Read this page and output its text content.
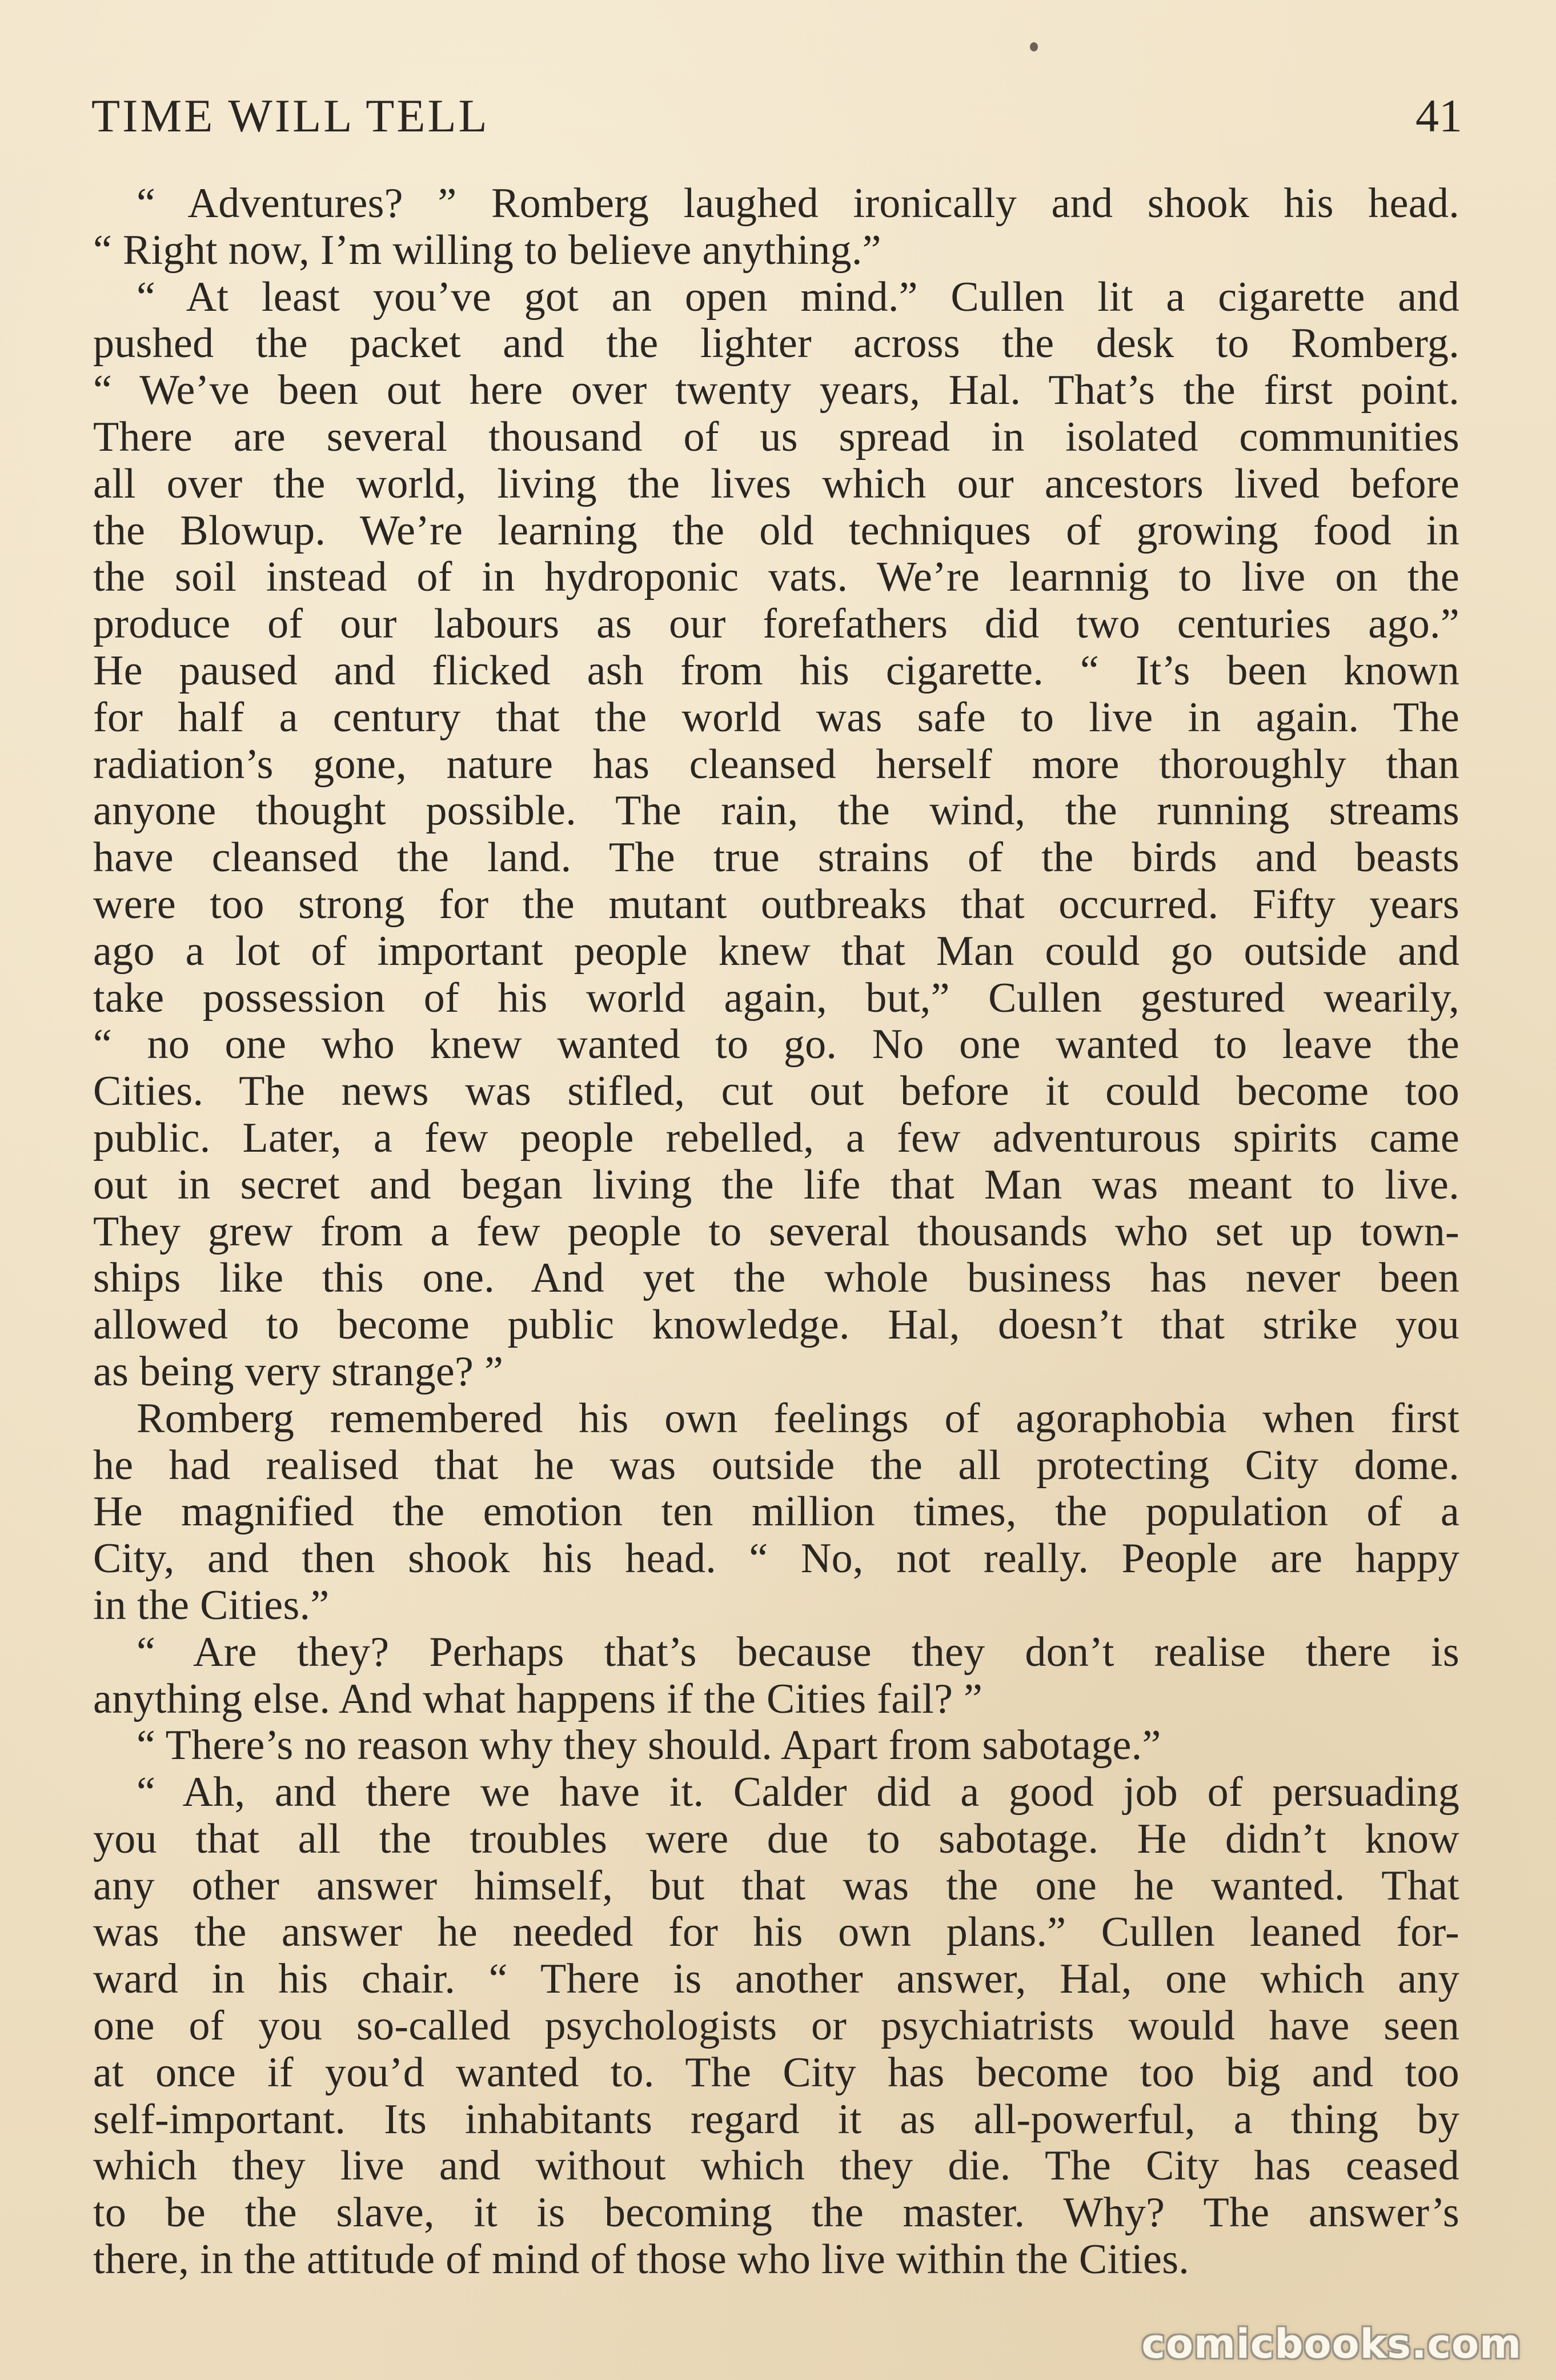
TIME WILL TELL	41
“ Adventures? ” Romberg laughed ironically and shook his head.
“ Right now, I’m willing to believe anything.”
“ At least you’ve got an open mind.” Cullen lit a cigarette and
pushed the packet and the lighter across the desk to Romberg.
“ We’ve been out here over twenty years, Hal. That’s the first point.
There are several thousand of us spread in isolated communities
all over the world, living the lives which our ancestors lived before
the Blowup. We’re learning the old techniques of growing food in
the soil instead of in hydroponic vats. We’re learnnig to live on the
produce of our labours as our forefathers did two centuries ago.”
He paused and flicked ash from his cigarette. “ It’s been known
for half a century that the world was safe to live in again. The
radiation’s gone, nature has cleansed herself more thoroughly than
anyone thought possible. The rain, the wind, the running streams
have cleansed the land. The true strains of the birds and beasts
were too strong for the mutant outbreaks that occurred. Fifty years
ago a lot of important people knew that Man could go outside and
take possession of his world again, but,” Cullen gestured wearily,
“ no one who knew wanted to go. No one wanted to leave the
Cities. The news was stifled, cut out before it could become too
public. Later, a few people rebelled, a few adventurous spirits came
out in secret and began living the life that Man was meant to live.
They grew from a few people to several thousands who set up town-
ships like this one. And yet the whole business has never been
allowed to become public knowledge. Hal, doesn’t that strike you
as being very strange? ”
Romberg remembered his own feelings of agoraphobia when first
he had realised that he was outside the all protecting City dome.
He magnified the emotion ten million times, the population of a
City, and then shook his head. “ No, not really. People are happy
in the Cities.”
“ Are they? Perhaps that’s because they don’t realise there is
anything else. And what happens if the Cities fail? ”
“ There’s no reason why they should. Apart from sabotage.”
“ Ah, and there we have it. Calder did a good job of persuading
you that all the troubles were due to sabotage. He didn’t know
any other answer himself, but that was the one he wanted. That
was the answer he needed for his own plans.” Cullen leaned for-
ward in his chair. “ There is another answer, Hal, one which any
one of you so-called psychologists or psychiatrists would have seen
at once if you’d wanted to. The City has become too big and too
self-important. Its inhabitants regard it as all-powerful, a thing by
which they live and without which they die. The City has ceased
to be the slave, it is becoming the master. Why? The answer’s
there, in the attitude of mind of those who live within the Cities.
comicbooks.com
